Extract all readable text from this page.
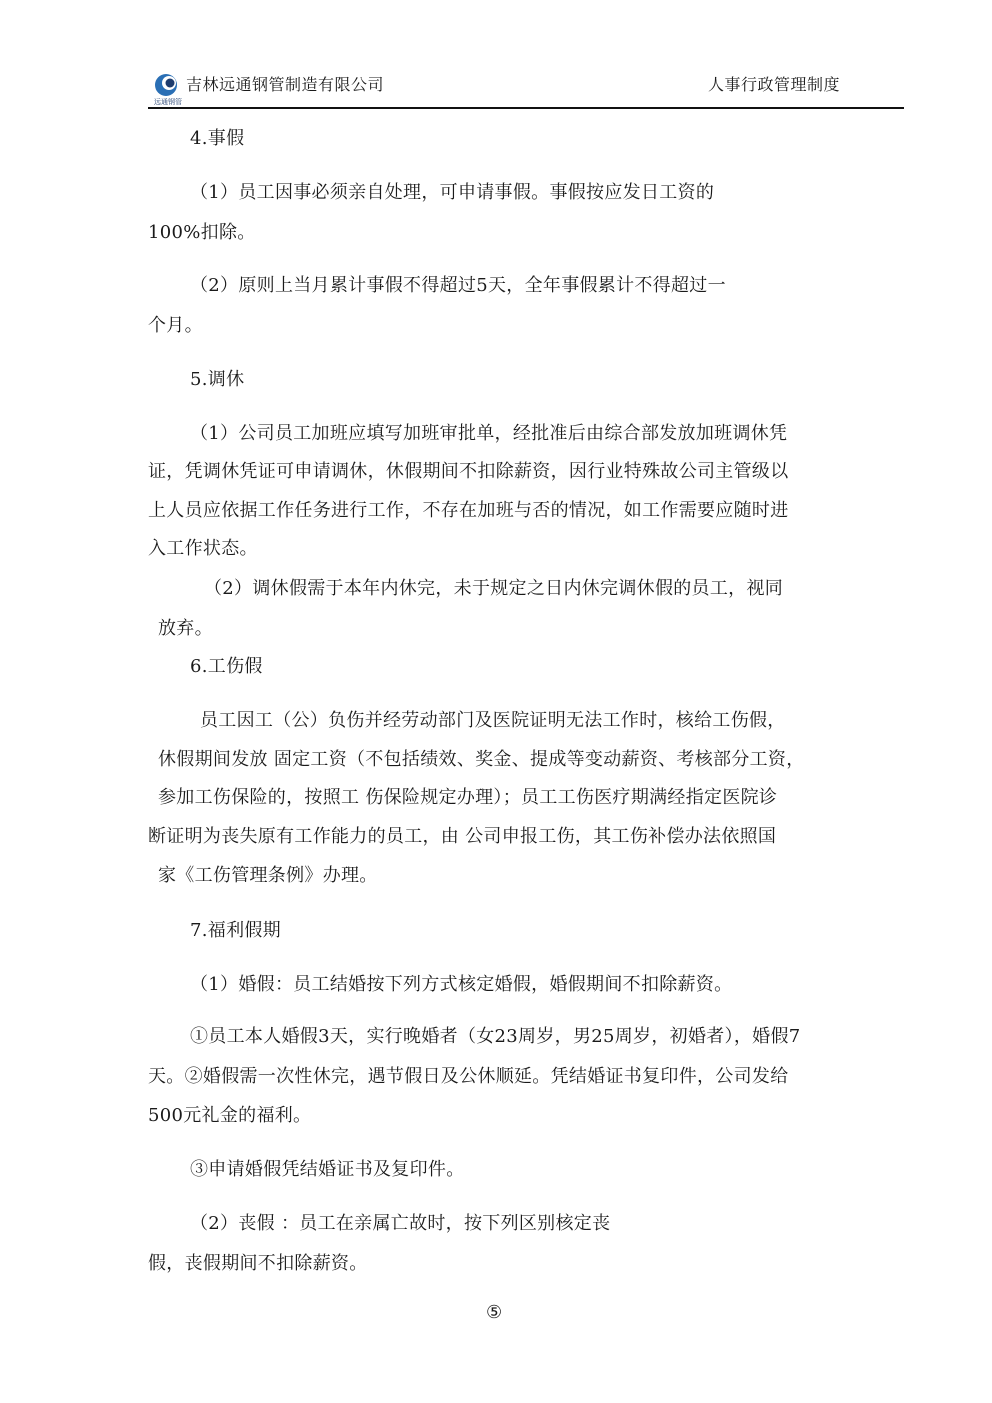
远通钢管
吉林远通钢管制造有限公司	人事行政管理制度
4.事假
（1）员工因事必须亲自处理，可申请事假。事假按应发日工资的
100%扣除。
（2）原则上当月累计事假不得超过5天，全年事假累计不得超过一
个月。
5.调休
（1）公司员工加班应填写加班审批单，经批准后由综合部发放加班调休凭
证，凭调休凭证可申请调休，休假期间不扣除薪资，因行业特殊故公司主管级以
上人员应依据工作任务进行工作，不存在加班与否的情况，如工作需要应随时进
入工作状态。
（2）调休假需于本年内休完，未于规定之日内休完调休假的员工，视同
放弃。
6.工伤假
员工因工（公）负伤并经劳动部门及医院证明无法工作时，核给工伤假，
休假期间发放 固定工资（不包括绩效、奖金、提成等变动薪资、考核部分工资，
参加工伤保险的，按照工 伤保险规定办理）；员工工伤医疗期满经指定医院诊
断证明为丧失原有工作能力的员工，由 公司申报工伤，其工伤补偿办法依照国
家《工伤管理条例》办理。
7.福利假期
（1）婚假：员工结婚按下列方式核定婚假，婚假期间不扣除薪资。
①员工本人婚假3天，实行晚婚者（女23周岁，男25周岁，初婚者），婚假7
天。②婚假需一次性休完，遇节假日及公休顺延。凭结婚证书复印件，公司发给
500元礼金的福利。
③申请婚假凭结婚证书及复印件。
（2）丧假 ：员工在亲属亡故时，按下列区别核定丧
假，丧假期间不扣除薪资。
⑤
